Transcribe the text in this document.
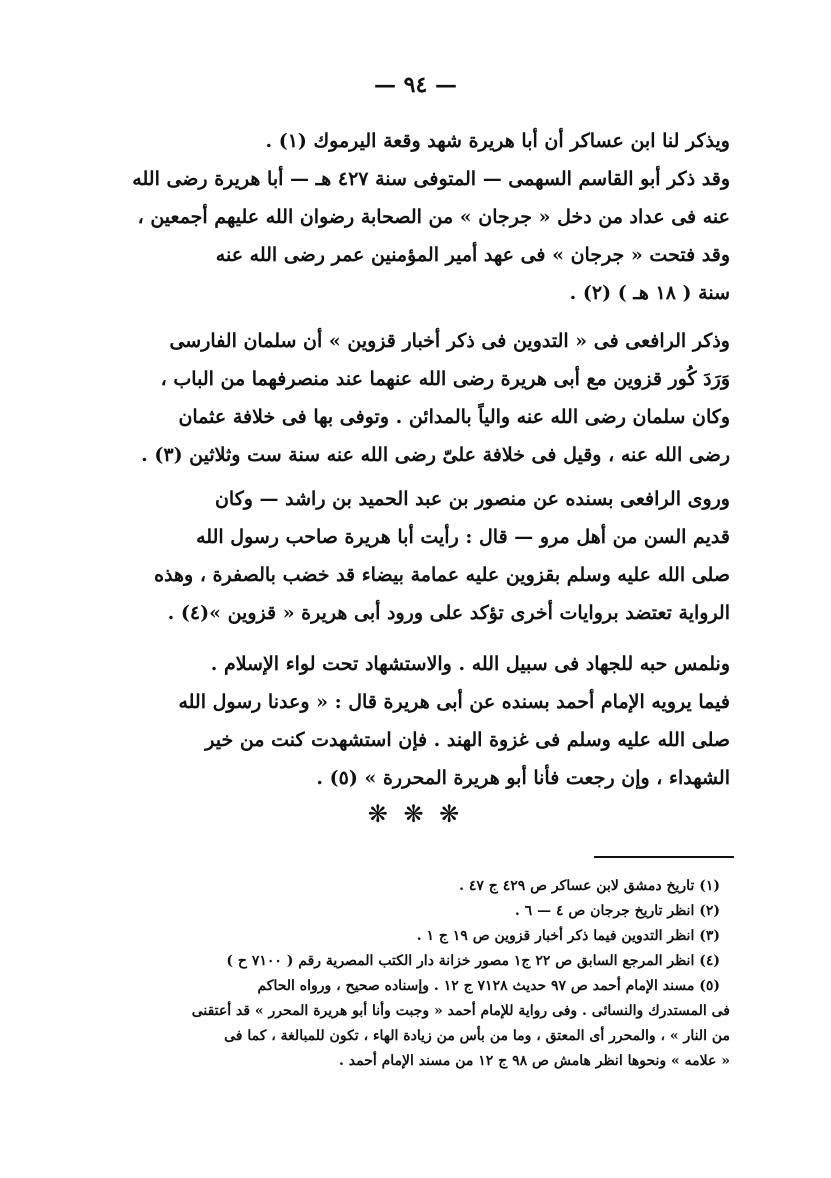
— ٩٤ —
ويذكر لنا ابن عساكر أن أبا هريرة شهد وقعة اليرموك (١) .
وقد ذكر أبو القاسم السهمى — المتوفى سنة ٤٢٧ هـ — أبا هريرة رضى الله
عنه فى عداد من دخل « جرجان » من الصحابة رضوان الله عليهم أجمعين ،
وقد فتحت « جرجان » فى عهد أمير المؤمنين عمر رضى الله عنه
سنة ( ١٨ هـ ) (٢) .
وذكر الرافعى فى « التدوين فى ذكر أخبار قزوين » أن سلمان الفارسى
وَرَدَ كُور قزوين مع أبى هريرة رضى الله عنهما عند منصرفهما من الباب ،
وكان سلمان رضى الله عنه والياً بالمدائن . وتوفى بها فى خلافة عثمان
رضى الله عنه ، وقيل فى خلافة علىّ رضى الله عنه سنة ست وثلاثين (٣) .
وروى الرافعى بسنده عن منصور بن عبد الحميد بن راشد — وكان
قديم السن من أهل مرو — قال : رأيت أبا هريرة صاحب رسول الله
صلى الله عليه وسلم بقزوين عليه عمامة بيضاء قد خضب بالصفرة ، وهذه
الرواية تعتضد بروايات أخرى تؤكد على ورود أبى هريرة « قزوين »(٤) .
ونلمس حبه للجهاد فى سبيل الله . والاستشهاد تحت لواء الإسلام .
فيما يرويه الإمام أحمد بسنده عن أبى هريرة قال : « وعدنا رسول الله
صلى الله عليه وسلم فى غزوة الهند . فإن استشهدت كنت من خير
الشهداء ، وإن رجعت فأنا أبو هريرة المحررة » (٥) .
❋ ❋ ❋
(١) تاريخ دمشق لابن عساكر ص ٤٢٩ ج ٤٧ .
(٢) انظر تاريخ جرجان ص ٤ — ٦ .
(٣) انظر التدوين فيما ذكر أخبار قزوين ص ١٩ ج ١ .
(٤) انظر المرجع السابق ص ٢٢ ج١ مصور خزانة دار الكتب المصرية رقم ( ٧١٠٠ ح )
(٥) مسند الإمام أحمد ص ٩٧ حديث ٧١٢٨ ج ١٢ . وإسناده صحيح ، ورواه الحاكم
فى المستدرك والنسائى . وفى رواية للإمام أحمد « وجبت وأنا أبو هريرة المحرر » قد أعتقنى
من النار » ، والمحرر أى المعتق ، وما من بأس من زيادة الهاء ، تكون للمبالغة ، كما فى
« علامه » ونحوها انظر هامش ص ٩٨ ج ١٢ من مسند الإمام أحمد .
